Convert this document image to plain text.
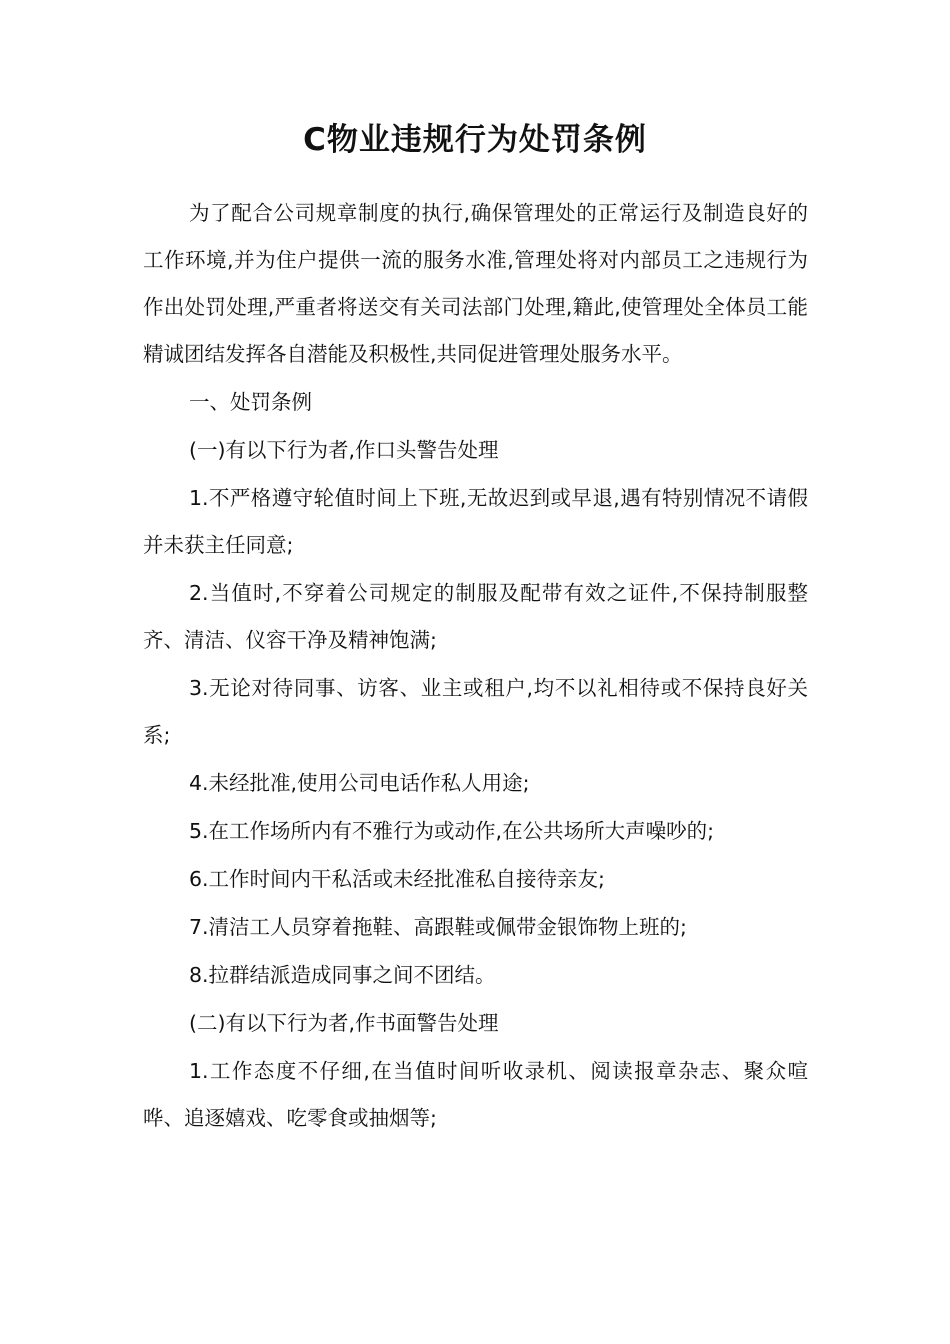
C物业违规行为处罚条例

为了配合公司规章制度的执行,确保管理处的正常运行及制造良好的工作环境,并为住户提供一流的服务水准,管理处将对内部员工之违规行为作出处罚处理,严重者将送交有关司法部门处理,籍此,使管理处全体员工能精诚团结发挥各自潜能及积极性,共同促进管理处服务水平。

一、处罚条例

(一)有以下行为者,作口头警告处理

1.不严格遵守轮值时间上下班,无故迟到或早退,遇有特别情况不请假并未获主任同意;

2.当值时,不穿着公司规定的制服及配带有效之证件,不保持制服整齐、清洁、仪容干净及精神饱满;

3.无论对待同事、访客、业主或租户,均不以礼相待或不保持良好关系;

4.未经批准,使用公司电话作私人用途;

5.在工作场所内有不雅行为或动作,在公共场所大声噪吵的;

6.工作时间内干私活或未经批准私自接待亲友;

7.清洁工人员穿着拖鞋、高跟鞋或佩带金银饰物上班的;

8.拉群结派造成同事之间不团结。

(二)有以下行为者,作书面警告处理

1.工作态度不仔细,在当值时间听收录机、阅读报章杂志、聚众喧哗、追逐嬉戏、吃零食或抽烟等;
